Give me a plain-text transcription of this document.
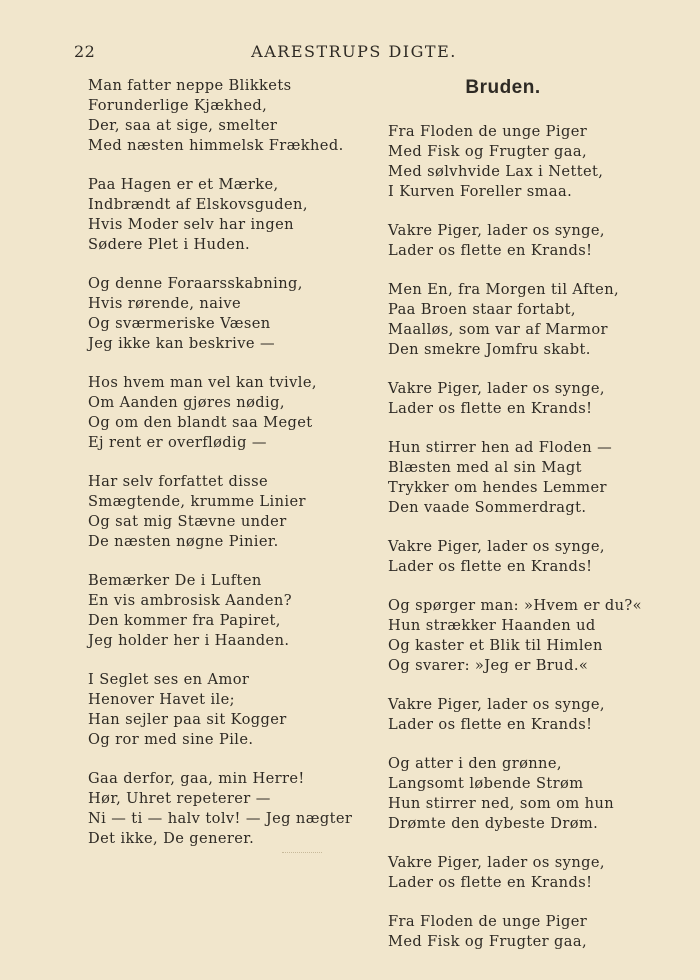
22	AARESTRUPS DIGTE.
Man fatter neppe Blikkets
Forunderlige Kjækhed,
Der, saa at sige, smelter
Med næsten himmelsk Frækhed.
Paa Hagen er et Mærke,
Indbrændt af Elskovsguden,
Hvis Moder selv har ingen
Sødere Plet i Huden.
Og denne Foraarsskabning,
Hvis rørende, naive
Og sværmeriske Væsen
Jeg ikke kan beskrive —
Hos hvem man vel kan tvivle,
Om Aanden gjøres nødig,
Og om den blandt saa Meget
Ej rent er overflødig —
Har selv forfattet disse
Smægtende, krumme Linier
Og sat mig Stævne under
De næsten nøgne Pinier.
Bemærker De i Luften
En vis ambrosisk Aanden?
Den kommer fra Papiret,
Jeg holder her i Haanden.
I Seglet ses en Amor
Henover Havet ile;
Han sejler paa sit Kogger
Og ror med sine Pile.
Gaa derfor, gaa, min Herre!
Hør, Uhret repeterer —
Ni — ti — halv tolv! — Jeg nægter
Det ikke, De generer.
Bruden.
Fra Floden de unge Piger
Med Fisk og Frugter gaa,
Med sølvhvide Lax i Nettet,
I Kurven Foreller smaa.
Vakre Piger, lader os synge,
Lader os flette en Krands!
Men En, fra Morgen til Aften,
Paa Broen staar fortabt,
Maalløs, som var af Marmor
Den smekre Jomfru skabt.
Vakre Piger, lader os synge,
Lader os flette en Krands!
Hun stirrer hen ad Floden —
Blæsten med al sin Magt
Trykker om hendes Lemmer
Den vaade Sommerdragt.
Vakre Piger, lader os synge,
Lader os flette en Krands!
Og spørger man: »Hvem er du?«
Hun strækker Haanden ud
Og kaster et Blik til Himlen
Og svarer: »Jeg er Brud.«
Vakre Piger, lader os synge,
Lader os flette en Krands!
Og atter i den grønne,
Langsomt løbende Strøm
Hun stirrer ned, som om hun
Drømte den dybeste Drøm.
Vakre Piger, lader os synge,
Lader os flette en Krands!
Fra Floden de unge Piger
Med Fisk og Frugter gaa,
